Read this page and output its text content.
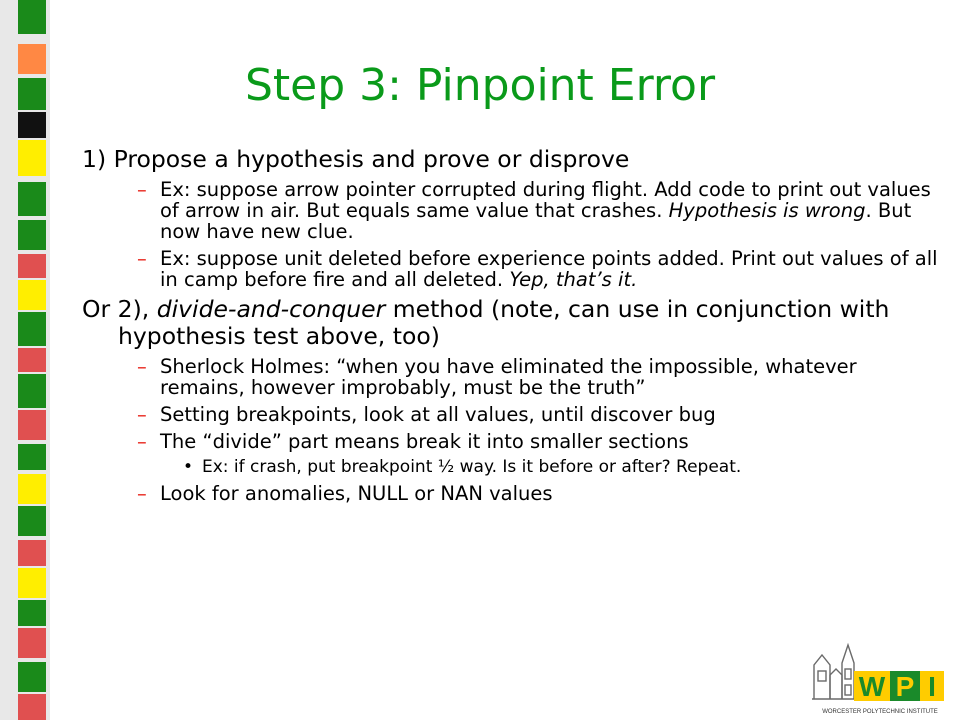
Step 3: Pinpoint Error
1) Propose a hypothesis and prove or disprove
– Ex: suppose arrow pointer corrupted during flight. Add code to print out values of arrow in air. But equals same value that crashes. Hypothesis is wrong. But now have new clue.
– Ex: suppose unit deleted before experience points added. Print out values of all in camp before fire and all deleted. Yep, that’s it.
Or 2), divide-and-conquer method (note, can use in conjunction with hypothesis test above, too)
– Sherlock Holmes: “when you have eliminated the impossible, whatever remains, however improbably, must be the truth”
– Setting breakpoints, look at all values, until discover bug
– The “divide” part means break it into smaller sections
• Ex: if crash, put breakpoint ½ way. Is it before or after? Repeat.
– Look for anomalies, NULL or NAN values
W P I
WORCESTER POLYTECHNIC INSTITUTE
